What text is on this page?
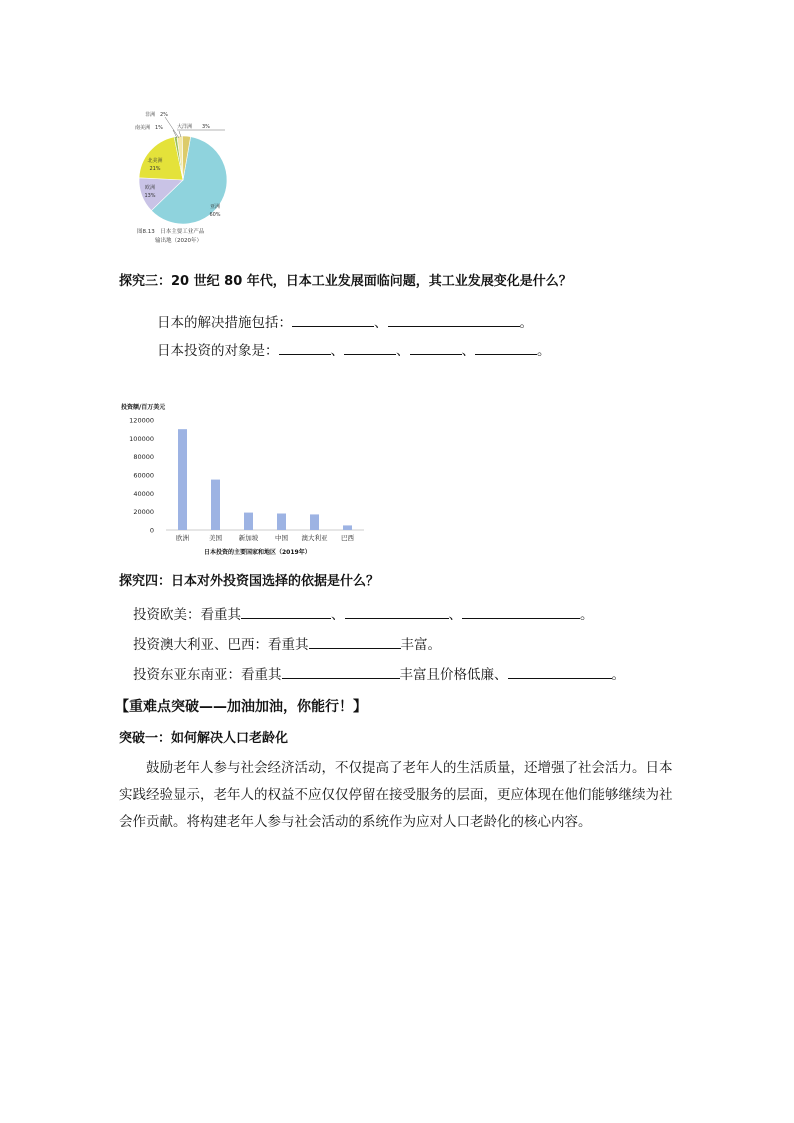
亚洲
60%
欧洲
13%
北美洲
21%
南美洲　1%
非洲　2%
大洋洲　　3%
图8.13　日本主要工业产品
输出地（2020年）
探究三：20 世纪 80 年代，日本工业发展面临问题，其工业发展变化是什么？
日本的解决措施包括：	、	。
日本投资的对象是：	、	、	、	。
投资额/百万美元
日本投资的主要国家和地区（2019年）
0
20000
40000
60000
80000
100000
120000
欧洲	美国	新加坡	中国 澳大利亚 巴西
探究四：日本对外投资国选择的依据是什么？
投资欧美：看重其	、	、	。
投资澳大利亚、巴西：看重其	丰富。
投资东亚东南亚：看重其	丰富且价格低廉、	。
【重难点突破——加油加油，你能行！】
突破一：如何解决人口老龄化
鼓励老年人参与社会经济活动，不仅提高了老年人的生活质量，还增强了社会活力。日本实践经验显示，老年人的权益不应仅仅停留在接受服务的层面，更应体现在他们能够继续为社会作贡献。将构建老年人参与社会活动的系统作为应对人口老龄化的核心内容。
